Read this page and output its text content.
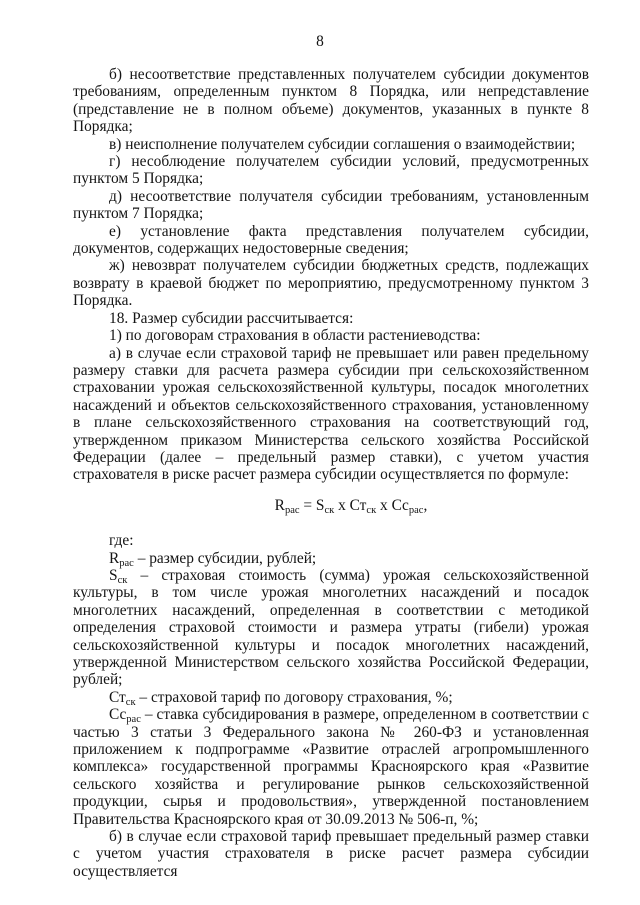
8

б) несоответствие представленных получателем субсидии документов требованиям, определенным пунктом 8 Порядка, или непредставление (представление не в полном объеме) документов, указанных в пункте 8 Порядка;

в) неисполнение получателем субсидии соглашения о взаимодействии;

г) несоблюдение получателем субсидии условий, предусмотренных пунктом 5 Порядка;

д) несоответствие получателя субсидии требованиям, установленным пунктом 7 Порядка;

е) установление факта представления получателем субсидии, документов, содержащих недостоверные сведения;

ж) невозврат получателем субсидии бюджетных средств, подлежащих возврату в краевой бюджет по мероприятию, предусмотренному пунктом 3 Порядка.

18. Размер субсидии рассчитывается:

1) по договорам страхования в области растениеводства:

а) в случае если страховой тариф не превышает или равен предельному размеру ставки для расчета размера субсидии при сельскохозяйственном страховании урожая сельскохозяйственной культуры, посадок многолетних насаждений и объектов сельскохозяйственного страхования, установленному в плане сельскохозяйственного страхования на соответствующий год, утвержденном приказом Министерства сельского хозяйства Российской Федерации (далее – предельный размер ставки), с учетом участия страхователя в риске расчет размера субсидии осуществляется по формуле:

$R_{рас} = S_{ск}$ х $Ст_{ск}$ х $Сс_{рас}$,

где:

$R_{рас}$ – размер субсидии, рублей;

$S_{ск}$ – страховая стоимость (сумма) урожая сельскохозяйственной культуры, в том числе урожая многолетних насаждений и посадок многолетних насаждений, определенная в соответствии с методикой определения страховой стоимости и размера утраты (гибели) урожая сельскохозяйственной культуры и посадок многолетних насаждений, утвержденной Министерством сельского хозяйства Российской Федерации, рублей;

$Ст_{ск}$ – страховой тариф по договору страхования, %;

$Сс_{рас}$ – ставка субсидирования в размере, определенном в соответствии с частью 3 статьи 3 Федерального закона № 260-ФЗ и установленная приложением к подпрограмме «Развитие отраслей агропромышленного комплекса» государственной программы Красноярского края «Развитие сельского хозяйства и регулирование рынков сельскохозяйственной продукции, сырья и продовольствия», утвержденной постановлением Правительства Красноярского края от 30.09.2013 № 506-п, %;

б) в случае если страховой тариф превышает предельный размер ставки с учетом участия страхователя в риске расчет размера субсидии осуществляется
